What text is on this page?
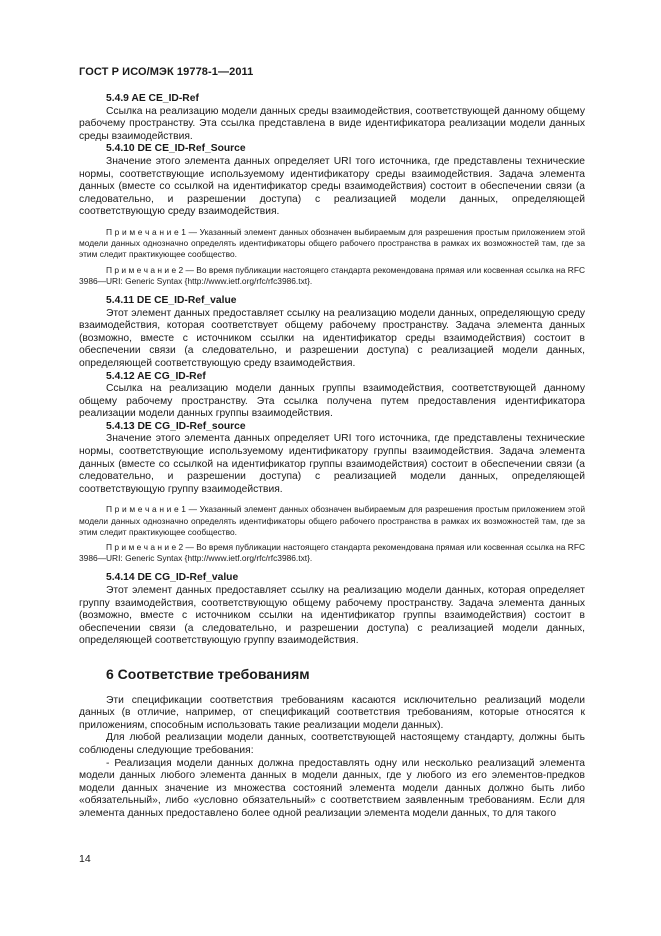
ГОСТ Р ИСО/МЭК 19778-1—2011
5.4.9 AE CE_ID-Ref

Ссылка на реализацию модели данных среды взаимодействия, соответствующей данному общему рабочему пространству. Эта ссылка представлена в виде идентификатора реализации модели данных среды взаимодействия.

5.4.10 DE CE_ID-Ref_Source

Значение этого элемента данных определяет URI того источника, где представлены технические нормы, соответствующие используемому идентификатору среды взаимодействия. Задача элемента данных (вместе со ссылкой на идентификатор среды взаимодействия) состоит в обеспечении связи (а следовательно, и разрешении доступа) с реализацией модели данных, определяющей соответствующую среду взаимодействия.

П р и м е ч а н и е 1 — Указанный элемент данных обозначен выбираемым для разрешения простым приложением этой модели данных однозначно определять идентификаторы общего рабочего пространства в рамках их возможностей там, где за этим следит практикующее сообщество.

П р и м е ч а н и е 2 — Во время публикации настоящего стандарта рекомендована прямая или косвенная ссылка на RFC 3986—URI: Generic Syntax {http://www.ietf.org/rfc/rfc3986.txt}.

5.4.11 DE CE_ID-Ref_value

Этот элемент данных предоставляет ссылку на реализацию модели данных, определяющую среду взаимодействия, которая соответствует общему рабочему пространству. Задача элемента данных (возможно, вместе с источником ссылки на идентификатор среды взаимодействия) состоит в обеспечении связи (а следовательно, и разрешении доступа) с реализацией модели данных, определяющей соответствующую среду взаимодействия.

5.4.12 AE CG_ID-Ref

Ссылка на реализацию модели данных группы взаимодействия, соответствующей данному общему рабочему пространству. Эта ссылка получена путем предоставления идентификатора реализации модели данных группы взаимодействия.

5.4.13 DE CG_ID-Ref_source

Значение этого элемента данных определяет URI того источника, где представлены технические нормы, соответствующие используемому идентификатору группы взаимодействия. Задача элемента данных (вместе со ссылкой на идентификатор группы взаимодействия) состоит в обеспечении связи (а следовательно, и разрешении доступа) с реализацией модели данных, определяющей соответствующую группу взаимодействия.

П р и м е ч а н и е 1 — Указанный элемент данных обозначен выбираемым для разрешения простым приложением этой модели данных однозначно определять идентификаторы общего рабочего пространства в рамках их возможностей там, где за этим следит практикующее сообщество.

П р и м е ч а н и е 2 — Во время публикации настоящего стандарта рекомендована прямая или косвенная ссылка на RFC 3986—URI: Generic Syntax {http://www.ietf.org/rfc/rfc3986.txt}.

5.4.14 DE CG_ID-Ref_value

Этот элемент данных предоставляет ссылку на реализацию модели данных, которая определяет группу взаимодействия, соответствующую общему рабочему пространству. Задача элемента данных (возможно, вместе с источником ссылки на идентификатор группы взаимодействия) состоит в обеспечении связи (а следовательно, и разрешении доступа) с реализацией модели данных, определяющей соответствующую группу взаимодействия.

6 Соответствие требованиям

Эти спецификации соответствия требованиям касаются исключительно реализаций модели данных (в отличие, например, от спецификаций соответствия требованиям, которые относятся к приложениям, способным использовать такие реализации модели данных).

Для любой реализации модели данных, соответствующей настоящему стандарту, должны быть соблюдены следующие требования:

- Реализация модели данных должна предоставлять одну или несколько реализаций элемента модели данных любого элемента данных в модели данных, где у любого из его элементов-предков модели данных значение из множества состояний элемента модели данных должно быть либо «обязательный», либо «условно обязательный» с соответствием заявленным требованиям. Если для элемента данных предоставлено более одной реализации элемента модели данных, то для такого

14
